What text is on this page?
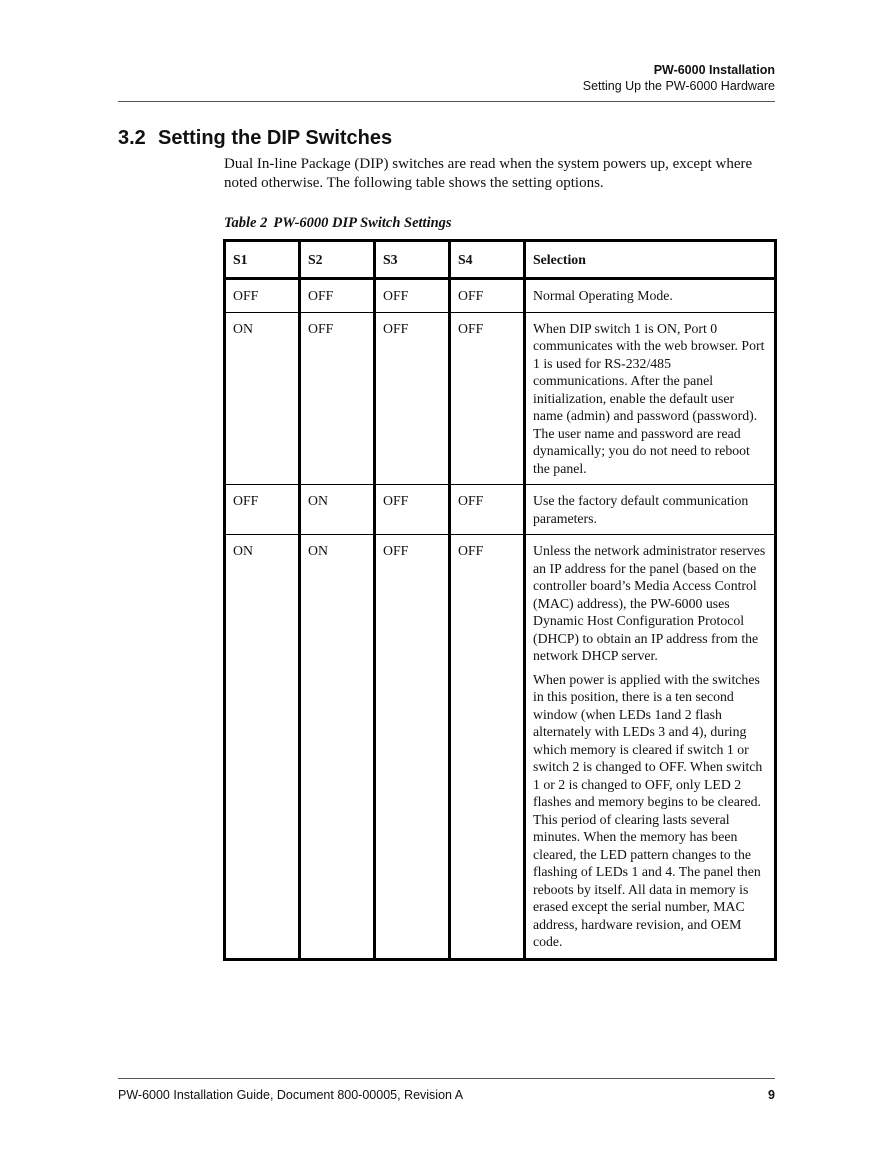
PW-6000 Installation
Setting Up the PW-6000 Hardware
3.2 Setting the DIP Switches

Dual In-line Package (DIP) switches are read when the system powers up, except where noted otherwise. The following table shows the setting options.

Table 2 PW-6000 DIP Switch Settings
S1	S2	S3	S4	Selection
OFF	OFF	OFF	OFF	Normal Operating Mode.

ON	OFF	OFF	OFF	When DIP switch 1 is ON, Port 0 communicates with the web browser. Port 1 is used for RS-232/485 communications. After the panel initialization, enable the default user name (admin) and password (password). The user name and password are read dynamically; you do not need to reboot the panel.

OFF	ON	OFF	OFF	Use the factory default communication parameters.

ON	ON	OFF	OFF	Unless the network administrator reserves an IP address for the panel (based on the controller board’s Media Access Control (MAC) address), the PW-6000 uses Dynamic Host Configuration Protocol (DHCP) to obtain an IP address from the network DHCP server.

When power is applied with the switches in this position, there is a ten second window (when LEDs 1and 2 flash alternately with LEDs 3 and 4), during which memory is cleared if switch 1 or switch 2 is changed to OFF. When switch 1 or 2 is changed to OFF, only LED 2 flashes and memory begins to be cleared. This period of clearing lasts several minutes. When the memory has been cleared, the LED pattern changes to the flashing of LEDs 1 and 4. The panel then reboots by itself. All data in memory is erased except the serial number, MAC address, hardware revision, and OEM code.

PW-6000 Installation Guide, Document 800-00005, Revision A	9
